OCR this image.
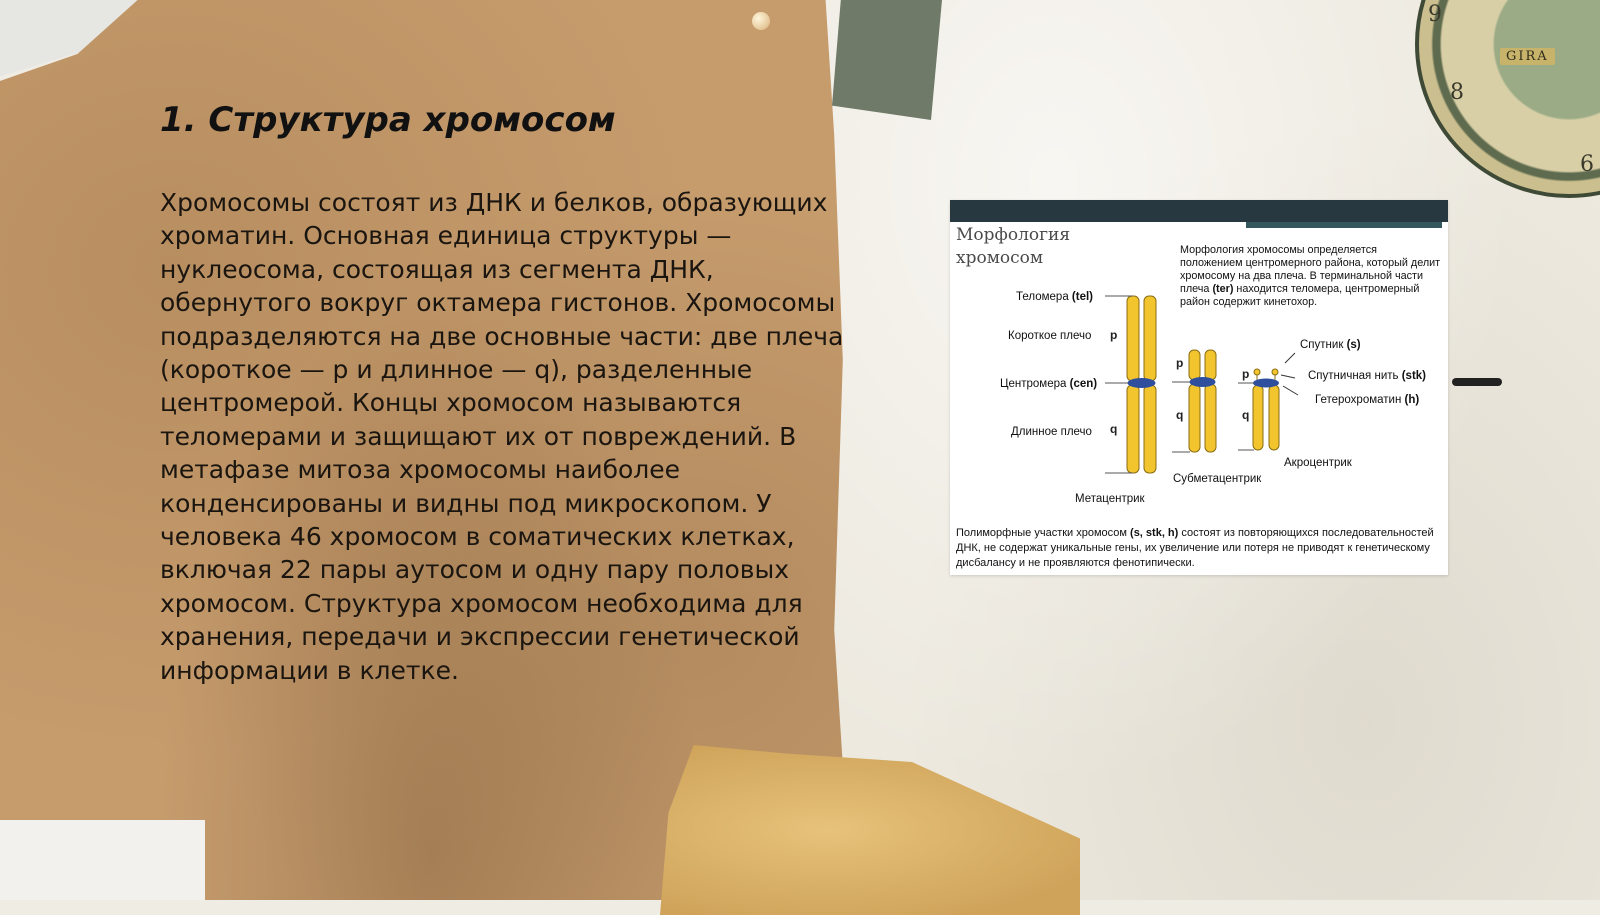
9
8
6
GIRA
1. Структура хромосом

Хромосомы состоят из ДНК и белков, образующих хроматин. Основная единица структуры — нуклеосома, состоящая из сегмента ДНК, обернутого вокруг октамера гистонов. Хромосомы подразделяются на две основные части: две плеча (короткое — p и длинное — q), разделенные центромерой. Концы хромосом называются теломерами и защищают их от повреждений. В метафазе митоза хромосомы наиболее конденсированы и видны под микроскопом. У человека 46 хромосом в соматических клетках, включая 22 пары аутосом и одну пару половых хромосом. Структура хромосом необходима для хранения, передачи и экспрессии генетической информации в клетке.

Морфология
хромосом	Морфология хромосомы определяется положением центромерного района, который делит хромосому на два плеча. В терминальной части плеча (ter) находится теломера, центромерный район содержит кинетохор.
Теломера (tel)
Короткое плечо p
Центромера (cen)
Длинное плечо q
p
q
p
q
Спутник (s)
Спутничная нить (stk)
Гетерохроматин (h)
Метацентрик
Субметацентрик
Акроцентрик
Полиморфные участки хромосом (s, stk, h) состоят из повторяющихся последовательностей ДНК, не содержат уникальные гены, их увеличение или потеря не приводят к генетическому дисбалансу и не проявляются фенотипически.
